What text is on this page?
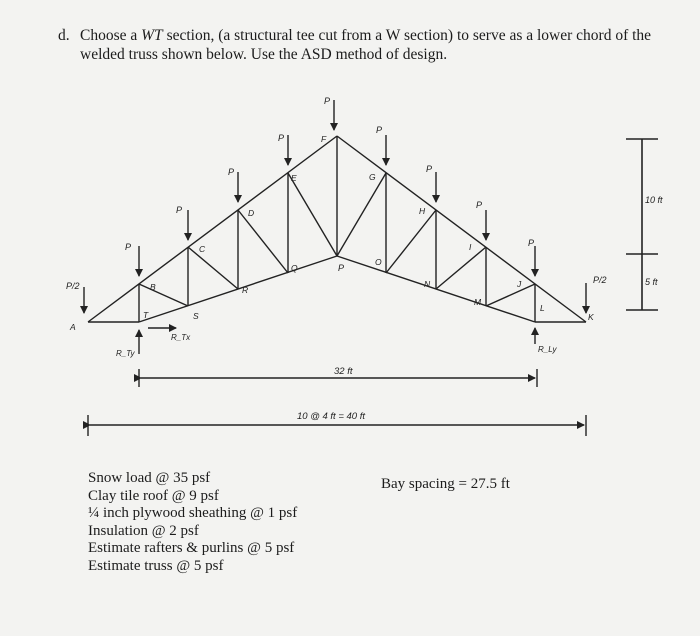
d. Choose a WT section, (a structural tee cut from a W section) to serve as a lower chord of the welded truss shown below. Use the ASD method of design.
P/2
P
P
P
P
P
P
P
P
P
P/2
P
A
B
C
D
E
F
G
H
I
J
K
T	S
R
Q
O
N
M
L
R_Ty
R_Tx
R_Ly
10 ft
5 ft
32 ft
10 @ 4 ft = 40 ft
Snow load @ 35 psf
Clay tile roof @ 9 psf
¼ inch plywood sheathing @ 1 psf
Insulation @ 2 psf
Estimate rafters & purlins @ 5 psf
Estimate truss @ 5 psf
Bay spacing = 27.5 ft
